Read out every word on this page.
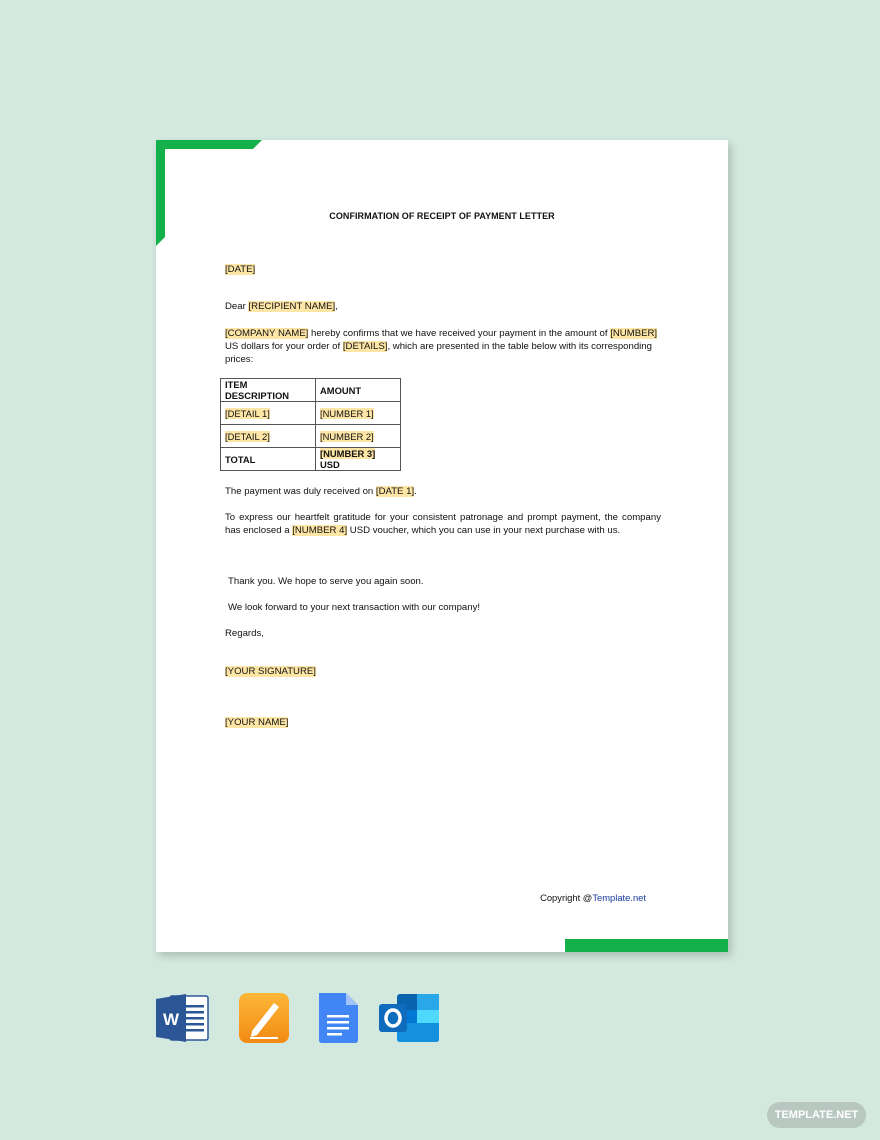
CONFIRMATION OF RECEIPT OF PAYMENT LETTER
[DATE]
Dear [RECIPIENT NAME],
[COMPANY NAME] hereby confirms that we have received your payment in the amount of [NUMBER] US dollars for your order of [DETAILS], which are presented in the table below with its corresponding prices:
ITEM DESCRIPTION	AMOUNT
[DETAIL 1]	[NUMBER 1]
[DETAIL 2]	[NUMBER 2]
TOTAL	[NUMBER 3] USD
The payment was duly received on [DATE 1].
To express our heartfelt gratitude for your consistent patronage and prompt payment, the company has enclosed a [NUMBER 4] USD voucher, which you can use in your next purchase with us.
Thank you. We hope to serve you again soon.
We look forward to your next transaction with our company!
Regards,
[YOUR SIGNATURE]
[YOUR NAME]
Copyright @Template.net
W
TEMPLATE.NET
